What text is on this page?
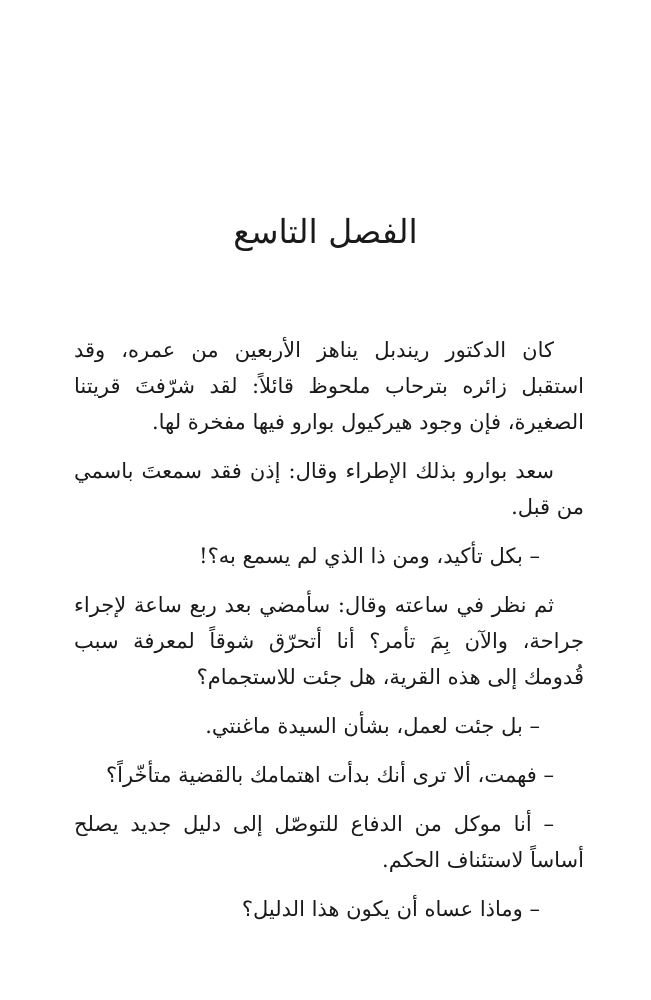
الفصل التاسع

كان الدكتور ريندبل يناهز الأربعين من عمره، وقد استقبل زائره بترحاب ملحوظ قائلاً: لقد شرّفتَ قريتنا الصغيرة، فإن وجود هيركيول بوارو فيها مفخرة لها.

سعد بوارو بذلك الإطراء وقال: إذن فقد سمعتَ باسمي من قبل.

– بكل تأكيد، ومن ذا الذي لم يسمع به؟!

ثم نظر في ساعته وقال: سأمضي بعد ربع ساعة لإجراء جراحة، والآن بِمَ تأمر؟ أنا أتحرّق شوقاً لمعرفة سبب قُدومك إلى هذه القرية، هل جئت للاستجمام؟

– بل جئت لعمل، بشأن السيدة ماغنتي.

– فهمت، ألا ترى أنك بدأت اهتمامك بالقضية متأخّراً؟

– أنا موكل من الدفاع للتوصّل إلى دليل جديد يصلح أساساً لاستئناف الحكم.

– وماذا عساه أن يكون هذا الدليل؟
